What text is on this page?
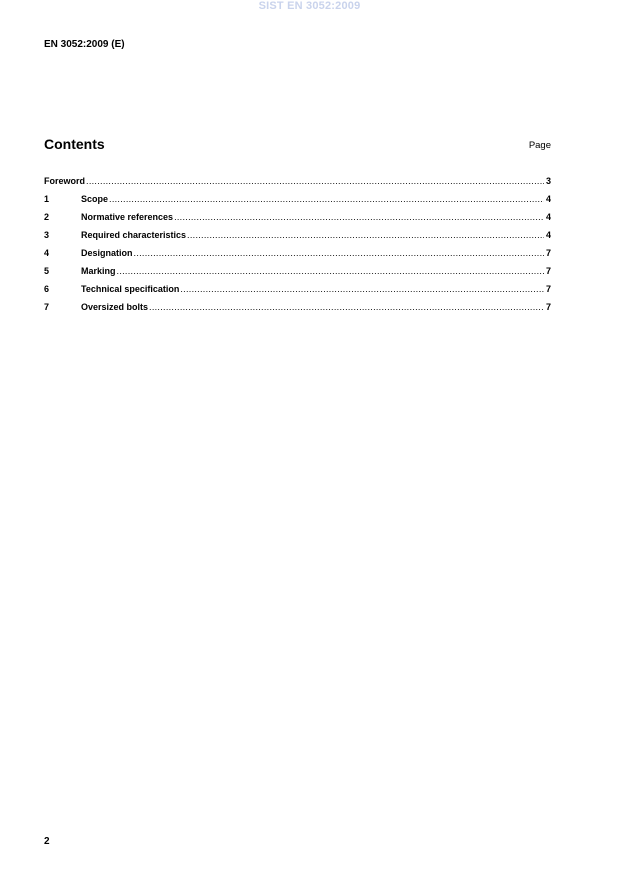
SIST EN 3052:2009
EN 3052:2009 (E)
Contents	Page
Foreword .....	3
1	Scope .....	4
2	Normative references .....	4
3	Required characteristics .....	4
4	Designation .....	7
5	Marking .....	7
6	Technical specification .....	7
7	Oversized bolts .....	7
2
